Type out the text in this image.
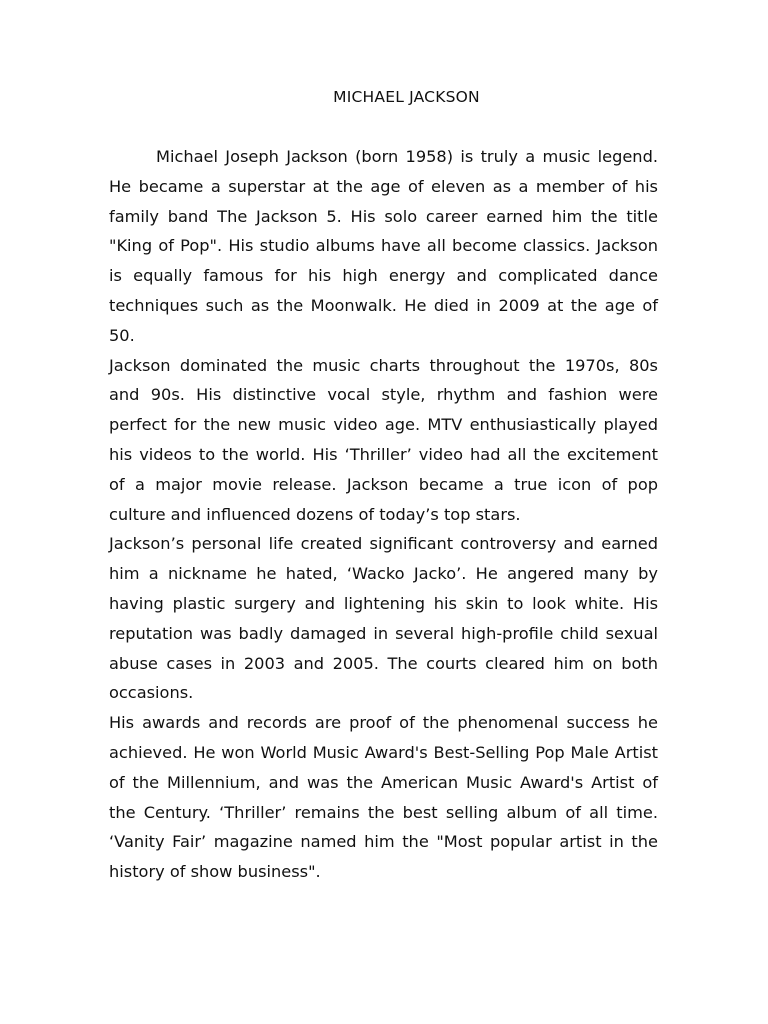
MICHAEL JACKSON

Michael Joseph Jackson (born 1958) is truly a music legend. He became a superstar at the age of eleven as a member of his family band The Jackson 5. His solo career earned him the title "King of Pop". His studio albums have all become classics. Jackson is equally famous for his high energy and complicated dance techniques such as the Moonwalk. He died in 2009 at the age of 50.

Jackson dominated the music charts throughout the 1970s, 80s and 90s. His distinctive vocal style, rhythm and fashion were perfect for the new music video age. MTV enthusiastically played his videos to the world. His ‘Thriller’ video had all the excitement of a major movie release. Jackson became a true icon of pop culture and influenced dozens of today’s top stars.

Jackson’s personal life created significant controversy and earned him a nickname he hated, ‘Wacko Jacko’. He angered many by having plastic surgery and lightening his skin to look white. His reputation was badly damaged in several high-profile child sexual abuse cases in 2003 and 2005. The courts cleared him on both occasions.

His awards and records are proof of the phenomenal success he achieved. He won World Music Award's Best-Selling Pop Male Artist of the Millennium, and was the American Music Award's Artist of the Century. ‘Thriller’ remains the best selling album of all time. ‘Vanity Fair’ magazine named him the "Most popular artist in the history of show business".
